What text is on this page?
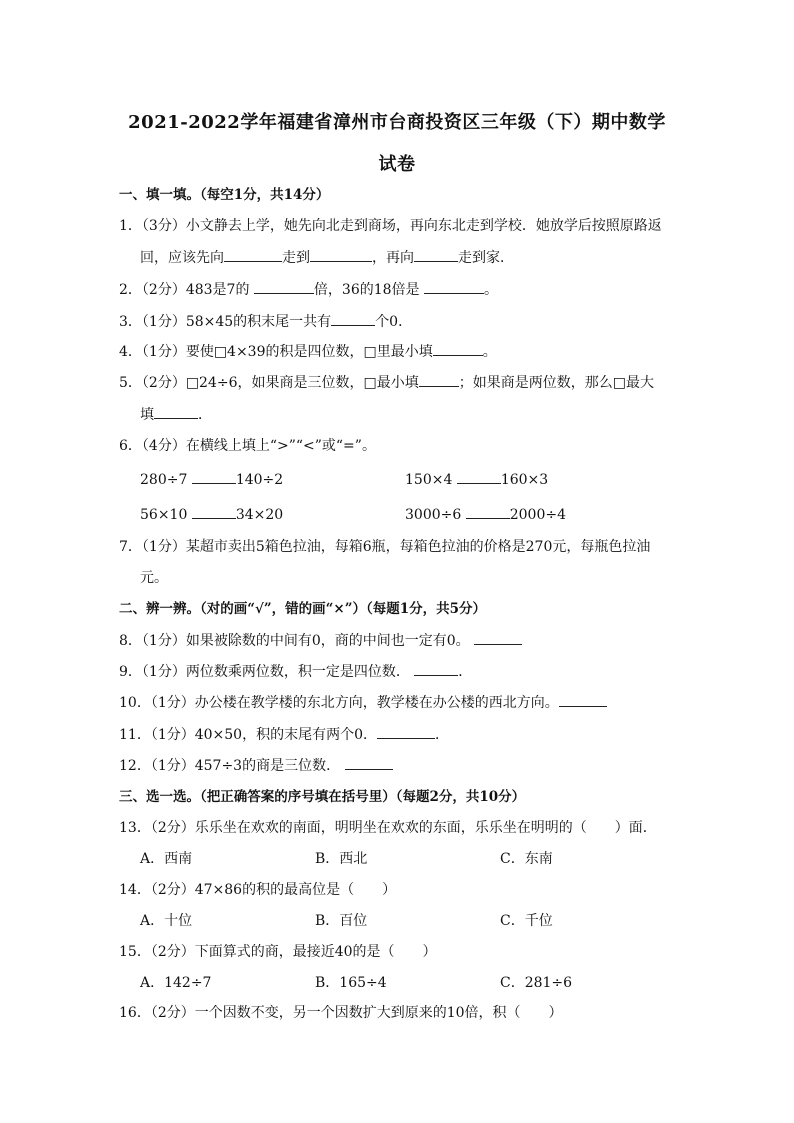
2021-2022学年福建省漳州市台商投资区三年级（下）期中数学
试卷
一、填一填。（每空1分，共14分）
1．（3分）小文静去上学，她先向北走到商场，再向东北走到学校．她放学后按照原路返
回，应该先向	走到	，再向	走到家．
2．（2分）483是7的	倍，36的18倍是	。
3．（1分）58×45的积末尾一共有	个0．
4．（1分）要使□4×39的积是四位数，□里最小填	。
5．（2分）□24÷6，如果商是三位数，□最小填	；如果商是两位数，那么□最大
填	．
6．（4分）在横线上填上“>”“<”或“=”。
280÷7	140÷2	150×4	160×3
56×10	34×20	3000÷6	2000÷4
7．（1分）某超市卖出5箱色拉油，每箱6瓶，每箱色拉油的价格是270元，每瓶色拉油
元。
二、辨一辨。（对的画“√”，错的画“×”）（每题1分，共5分）
8．（1分）如果被除数的中间有0，商的中间也一定有0。
9．（1分）两位数乘两位数，积一定是四位数．	．
10．（1分）办公楼在教学楼的东北方向，教学楼在办公楼的西北方向。
11．（1分）40×50，积的末尾有两个0．	．
12．（1分）457÷3的商是三位数．
三、选一选。（把正确答案的序号填在括号里）（每题2分，共10分）
13．（2分）乐乐坐在欢欢的南面，明明坐在欢欢的东面，乐乐坐在明明的（　　）面．
A．西南	B．西北	C．东南
14．（2分）47×86的积的最高位是（　　）
A．十位	B．百位	C．千位
15．（2分）下面算式的商，最接近40的是（　　）
A．142÷7	B．165÷4	C．281÷6
16．（2分）一个因数不变，另一个因数扩大到原来的10倍，积（　　）
